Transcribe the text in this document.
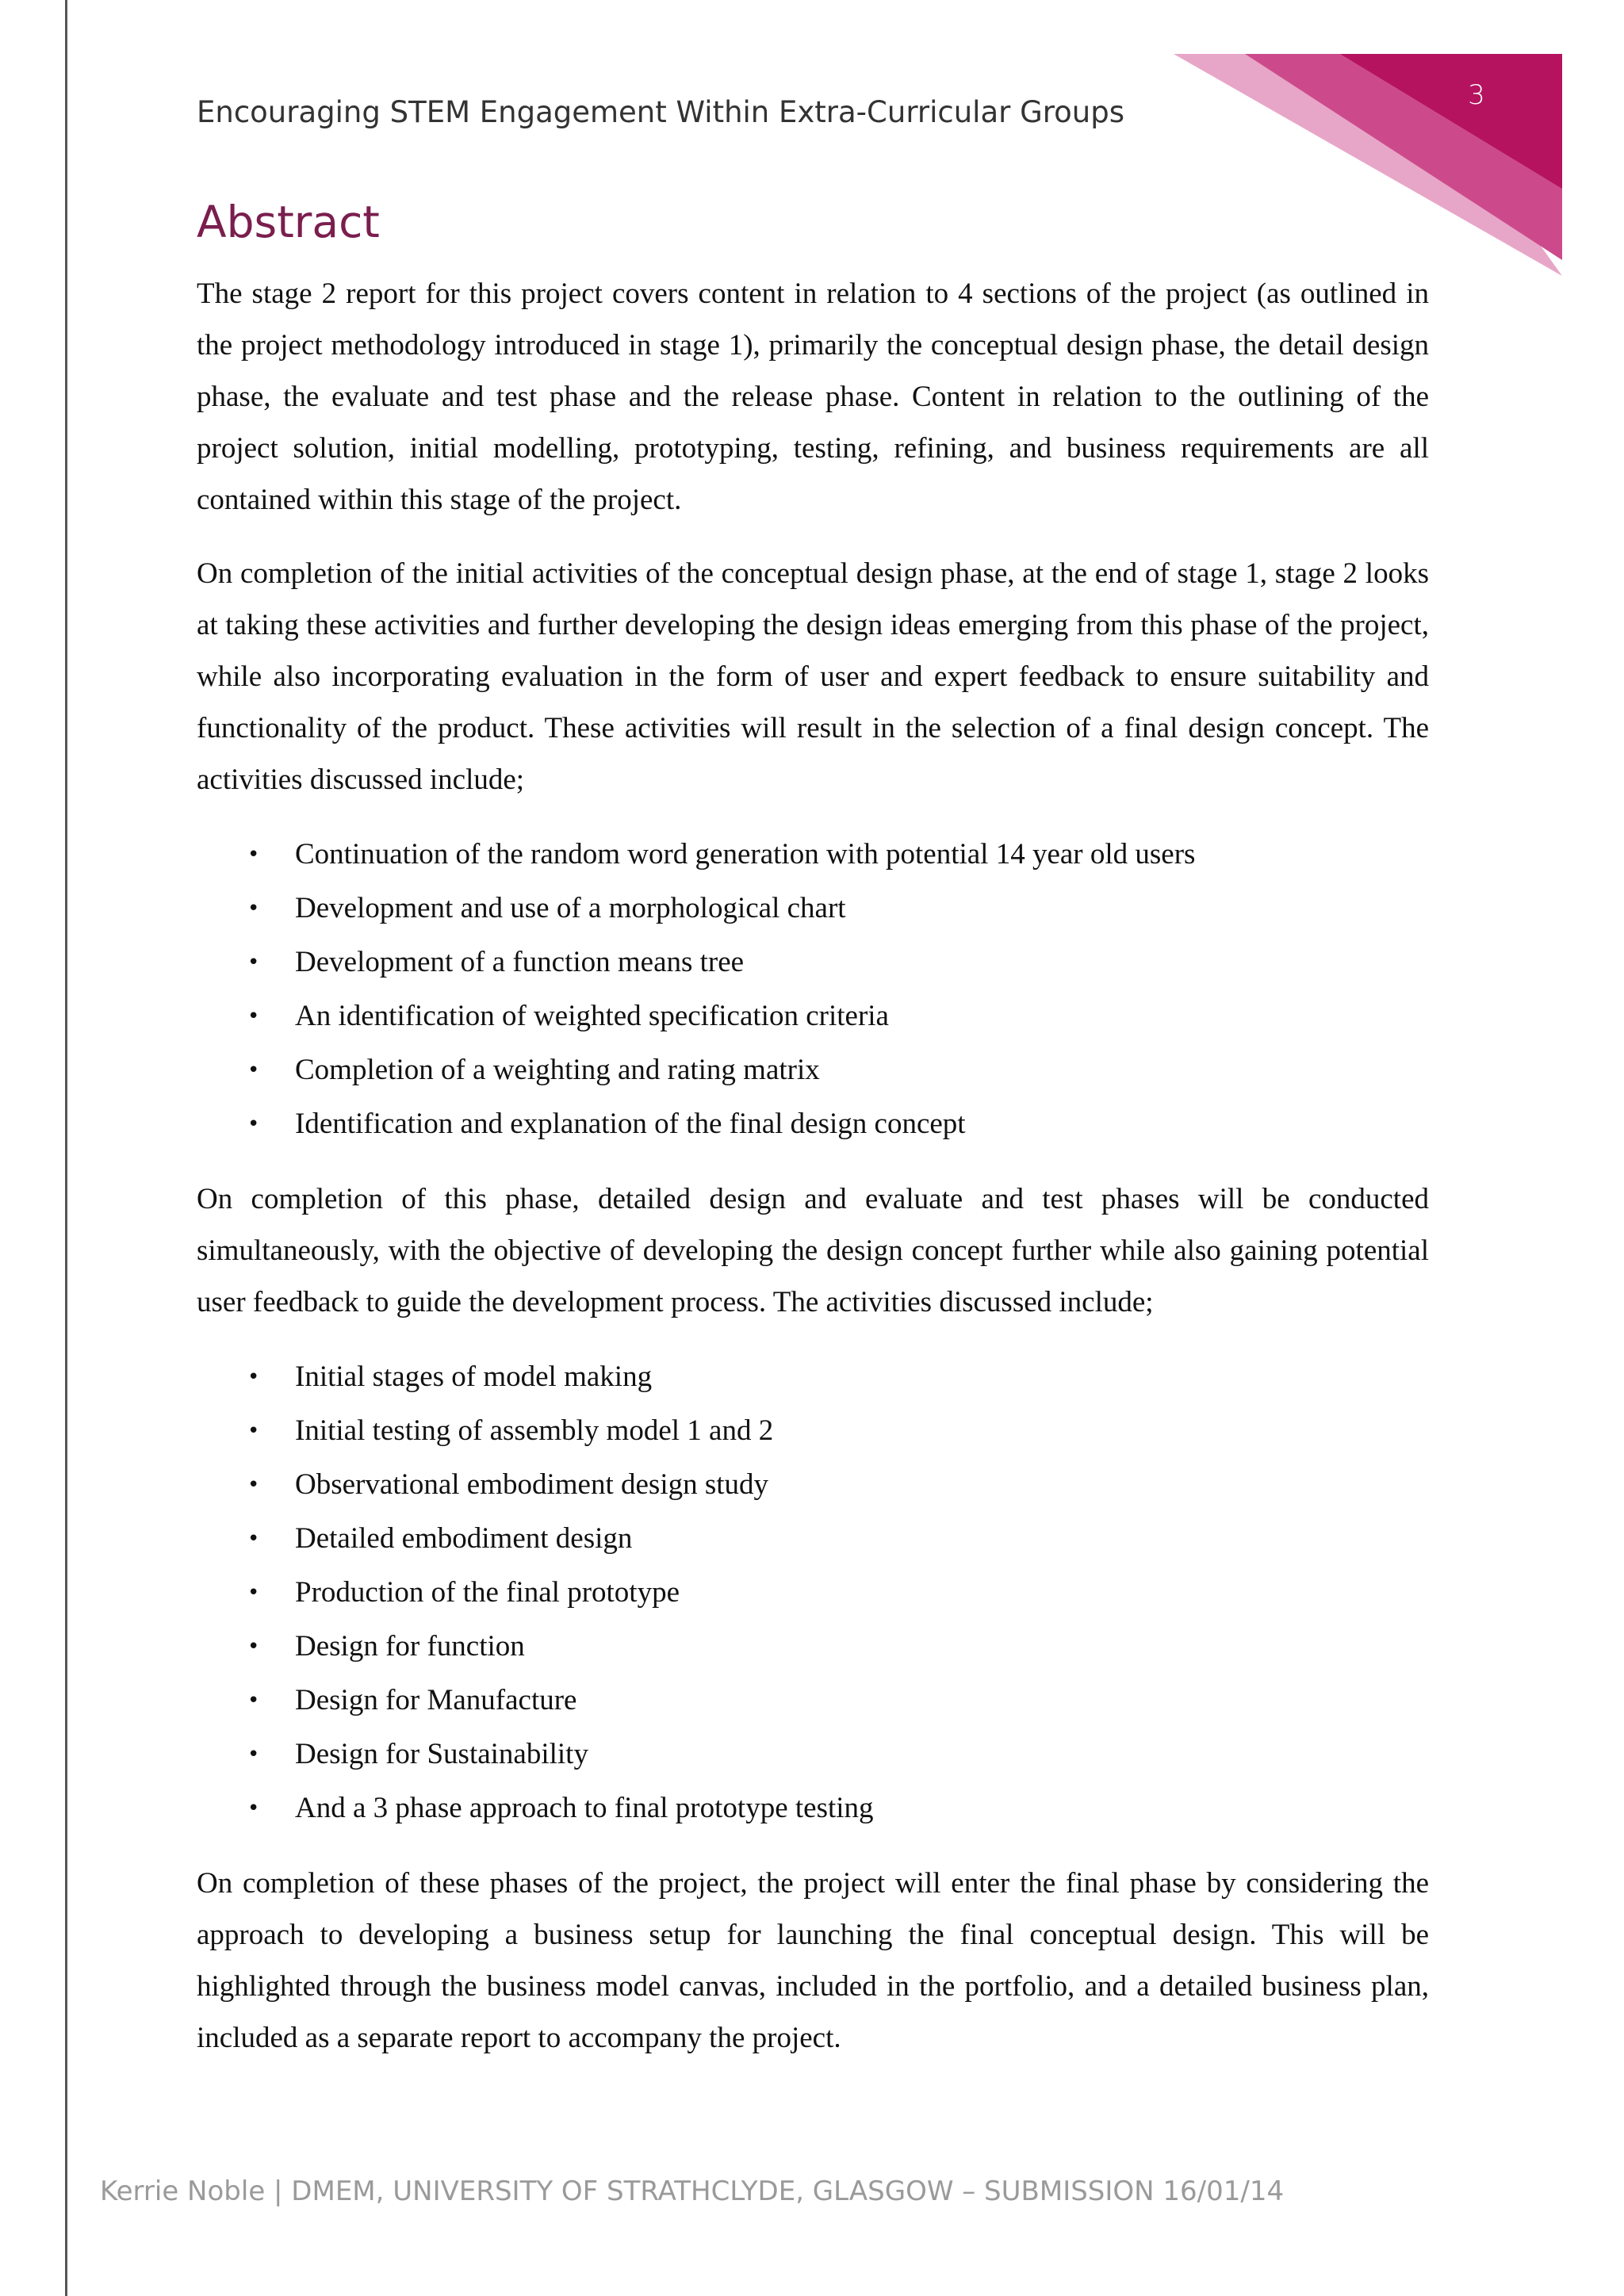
3
Encouraging STEM Engagement Within Extra-Curricular Groups
Abstract

The stage 2 report for this project covers content in relation to 4 sections of the project (as outlined in the project methodology introduced in stage 1), primarily the conceptual design phase, the detail design phase, the evaluate and test phase and the release phase. Content in relation to the outlining of the project solution, initial modelling, prototyping, testing, refining, and business requirements are all contained within this stage of the project.

On completion of the initial activities of the conceptual design phase, at the end of stage 1, stage 2 looks at taking these activities and further developing the design ideas emerging from this phase of the project, while also incorporating evaluation in the form of user and expert feedback to ensure suitability and functionality of the product. These activities will result in the selection of a final design concept. The activities discussed include;

• Continuation of the random word generation with potential 14 year old users
• Development and use of a morphological chart
• Development of a function means tree
• An identification of weighted specification criteria
• Completion of a weighting and rating matrix
• Identification and explanation of the final design concept

On completion of this phase, detailed design and evaluate and test phases will be conducted simultaneously, with the objective of developing the design concept further while also gaining potential user feedback to guide the development process. The activities discussed include;

• Initial stages of model making
• Initial testing of assembly model 1 and 2
• Observational embodiment design study
• Detailed embodiment design
• Production of the final prototype
• Design for function
• Design for Manufacture
• Design for Sustainability
• And a 3 phase approach to final prototype testing

On completion of these phases of the project, the project will enter the final phase by considering the approach to developing a business setup for launching the final conceptual design. This will be highlighted through the business model canvas, included in the portfolio, and a detailed business plan, included as a separate report to accompany the project.

Kerrie Noble | DMEM, UNIVERSITY OF STRATHCLYDE, GLASGOW – SUBMISSION 16/01/14
